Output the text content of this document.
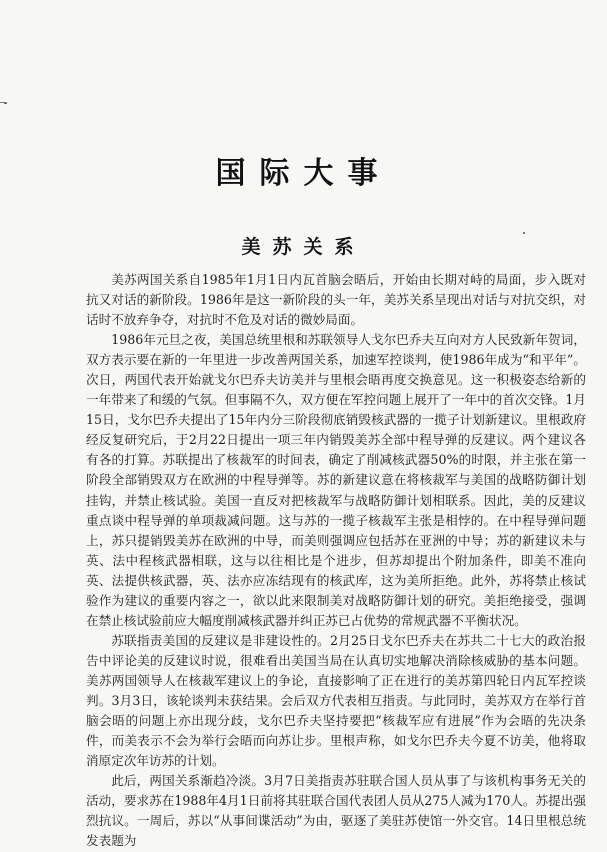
国际大事
美苏关系

美苏两国关系自1985年1月1日内瓦首脑会晤后，开始由长期对峙的局面，步入既对抗又对话的新阶段。1986年是这一新阶段的头一年，美苏关系呈现出对话与对抗交织，对话时不放弃争夺，对抗时不危及对话的微妙局面。

1986年元旦之夜，美国总统里根和苏联领导人戈尔巴乔夫互向对方人民致新年贺词，双方表示要在新的一年里进一步改善两国关系，加速军控谈判，使1986年成为“和平年”。次日，两国代表开始就戈尔巴乔夫访美并与里根会晤再度交换意见。这一积极姿态给新的一年带来了和缓的气氛。但事隔不久，双方便在军控问题上展开了一年中的首次交锋。1月15日，戈尔巴乔夫提出了15年内分三阶段彻底销毁核武器的一揽子计划新建议。里根政府经反复研究后，于2月22日提出一项三年内销毁美苏全部中程导弹的反建议。两个建议各有各的打算。苏联提出了核裁军的时间表，确定了削减核武器50%的时限，并主张在第一阶段全部销毁双方在欧洲的中程导弹等。苏的新建议意在将核裁军与美国的战略防御计划挂钩，并禁止核试验。美国一直反对把核裁军与战略防御计划相联系。因此，美的反建议重点谈中程导弹的单项裁减问题。这与苏的一揽子核裁军主张是相悖的。在中程导弹问题上，苏只提销毁美苏在欧洲的中导，而美则强调应包括苏在亚洲的中导；苏的新建议未与英、法中程核武器相联，这与以往相比是个进步，但苏却提出个附加条件，即美不准向英、法提供核武器，英、法亦应冻结现有的核武库，这为美所拒绝。此外，苏将禁止核试验作为建议的重要内容之一，欲以此来限制美对战略防御计划的研究。美拒绝接受，强调在禁止核试验前应大幅度削减核武器并纠正苏已占优势的常规武器不平衡状况。

苏联指责美国的反建议是非建设性的。2月25日戈尔巴乔夫在苏共二十七大的政治报告中评论美的反建议时说，很难看出美国当局在认真切实地解决消除核威胁的基本问题。美苏两国领导人在核裁军建议上的争论，直接影响了正在进行的美苏第四轮日内瓦军控谈判。3月3日，该轮谈判未获结果。会后双方代表相互指责。与此同时，美苏双方在举行首脑会晤的问题上亦出现分歧，戈尔巴乔夫坚持要把“核裁军应有进展”作为会晤的先决条件，而美表示不会为举行会晤而向苏让步。里根声称，如戈尔巴乔夫今夏不访美，他将取消原定次年访苏的计划。

此后，两国关系渐趋冷淡。3月7日美指责苏驻联合国人员从事了与该机构事务无关的活动，要求苏在1988年4月1日前将其驻联合国代表团人员从275人减为170人。苏提出强烈抗议。一周后，苏以“从事间谍活动”为由，驱逐了美驻苏使馆一外交官。14日里根总统发表题为
